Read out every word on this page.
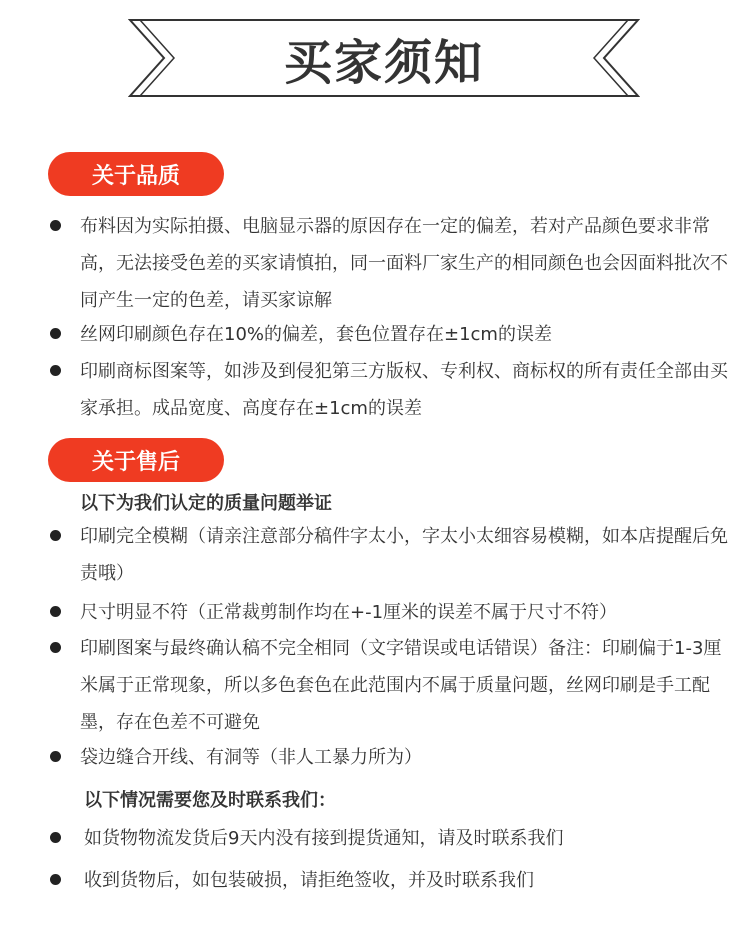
买家须知
关于品质
布料因为实际拍摄、电脑显示器的原因存在一定的偏差，若对产品颜色要求非常高，无法接受色差的买家请慎拍，同一面料厂家生产的相同颜色也会因面料批次不同产生一定的色差，请买家谅解
丝网印刷颜色存在10%的偏差，套色位置存在±1cm的误差
印刷商标图案等，如涉及到侵犯第三方版权、专利权、商标权的所有责任全部由买家承担。成品宽度、高度存在±1cm的误差
关于售后
以下为我们认定的质量问题举证
印刷完全模糊（请亲注意部分稿件字太小，字太小太细容易模糊，如本店提醒后免责哦）
尺寸明显不符（正常裁剪制作均在+-1厘米的误差不属于尺寸不符）
印刷图案与最终确认稿不完全相同（文字错误或电话错误）备注：印刷偏于1-3厘米属于正常现象，所以多色套色在此范围内不属于质量问题，丝网印刷是手工配墨，存在色差不可避免
袋边缝合开线、有洞等（非人工暴力所为）
以下情况需要您及时联系我们：
如货物物流发货后9天内没有接到提货通知，请及时联系我们
收到货物后，如包装破损，请拒绝签收，并及时联系我们
